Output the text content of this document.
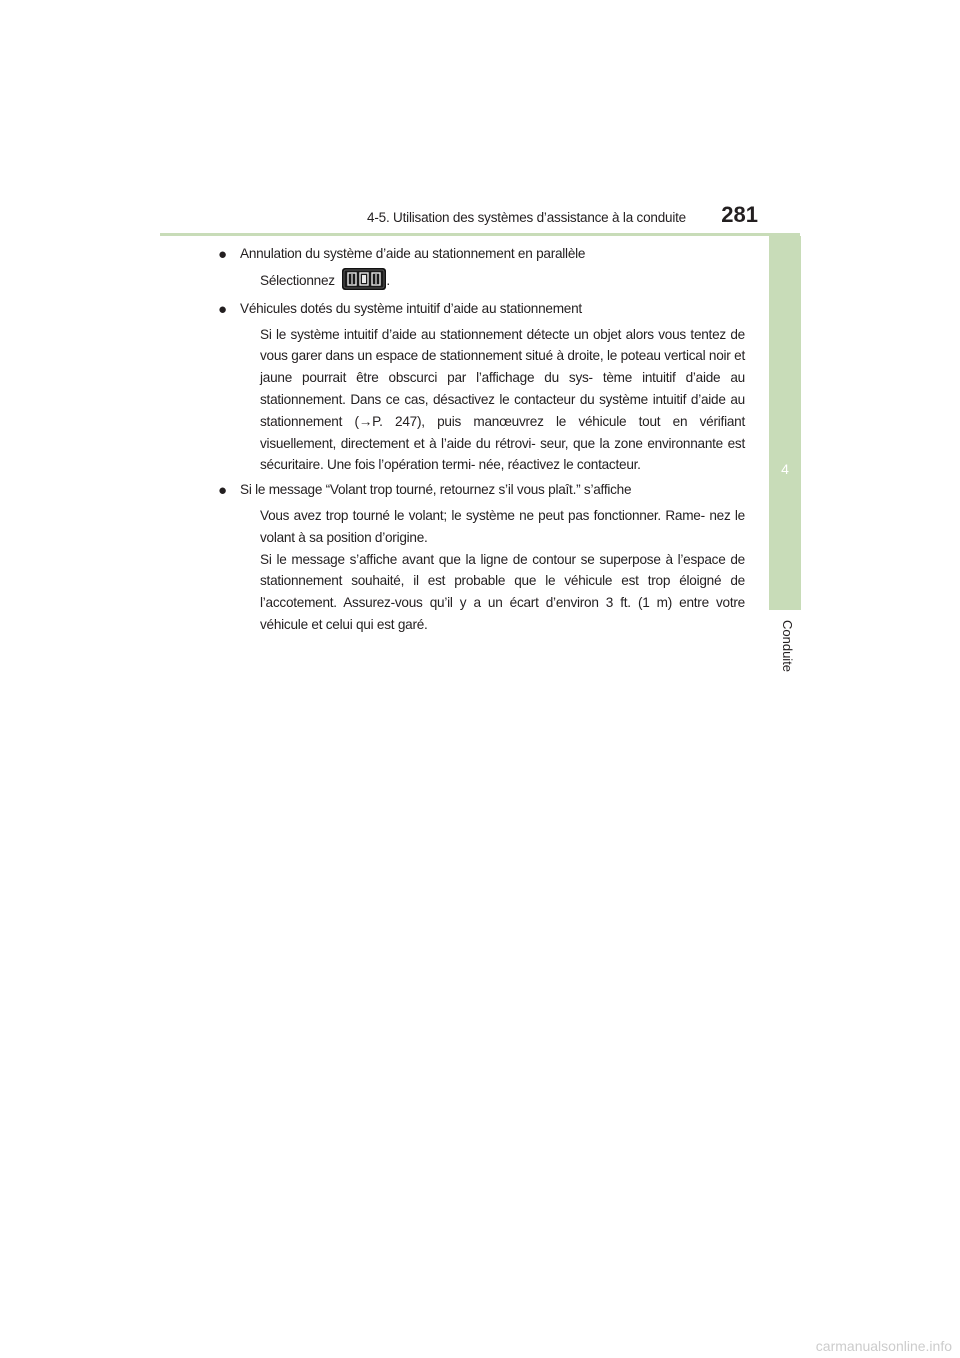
4-5. Utilisation des systèmes d’assistance à la conduite 281
4
Conduite
● Annulation du système d’aide au stationnement en parallèle
Sélectionnez	.
● Véhicules dotés du système intuitif d’aide au stationnement
Si le système intuitif d’aide au stationnement détecte un objet alors vous tentez de vous garer dans un espace de stationnement situé à droite, le poteau vertical noir et jaune pourrait être obscurci par l’affichage du sys- tème intuitif d’aide au stationnement. Dans ce cas, désactivez le contacteur du système intuitif d’aide au stationnement (→P. 247), puis manœuvrez le véhicule tout en vérifiant visuellement, directement et à l’aide du rétrovi- seur, que la zone environnante est sécuritaire. Une fois l’opération termi- née, réactivez le contacteur.
● Si le message “Volant trop tourné, retournez s’il vous plaît.” s’affiche
Vous avez trop tourné le volant; le système ne peut pas fonctionner. Rame- nez le volant à sa position d’origine.
Si le message s’affiche avant que la ligne de contour se superpose à l’espace de stationnement souhaité, il est probable que le véhicule est trop éloigné de l’accotement. Assurez-vous qu’il y a un écart d’environ 3 ft. (1 m) entre votre véhicule et celui qui est garé.
carmanualsonline.info
